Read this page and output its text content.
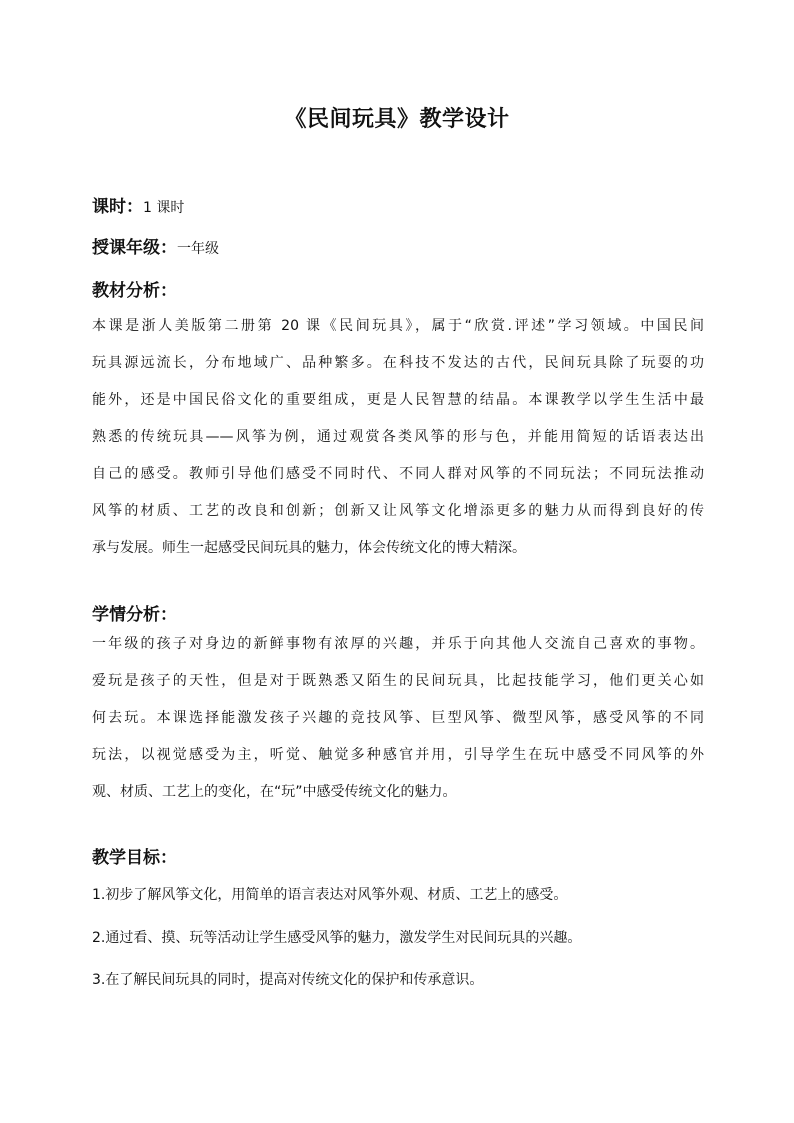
《民间玩具》教学设计
课时：1 课时
授课年级：一年级
教材分析：
本课是浙人美版第二册第 20 课《民间玩具》，属于“欣赏.评述”学习领域。中国民间
玩具源远流长，分布地域广、品种繁多。在科技不发达的古代，民间玩具除了玩耍的功
能外，还是中国民俗文化的重要组成，更是人民智慧的结晶。本课教学以学生生活中最
熟悉的传统玩具——风筝为例，通过观赏各类风筝的形与色，并能用简短的话语表达出
自己的感受。教师引导他们感受不同时代、不同人群对风筝的不同玩法；不同玩法推动
风筝的材质、工艺的改良和创新；创新又让风筝文化增添更多的魅力从而得到良好的传
承与发展。师生一起感受民间玩具的魅力，体会传统文化的博大精深。
学情分析：
一年级的孩子对身边的新鲜事物有浓厚的兴趣，并乐于向其他人交流自己喜欢的事物。
爱玩是孩子的天性，但是对于既熟悉又陌生的民间玩具，比起技能学习，他们更关心如
何去玩。本课选择能激发孩子兴趣的竞技风筝、巨型风筝、微型风筝，感受风筝的不同
玩法，以视觉感受为主，听觉、触觉多种感官并用，引导学生在玩中感受不同风筝的外
观、材质、工艺上的变化，在“玩”中感受传统文化的魅力。
教学目标：
1.初步了解风筝文化，用简单的语言表达对风筝外观、材质、工艺上的感受。
2.通过看、摸、玩等活动让学生感受风筝的魅力，激发学生对民间玩具的兴趣。
3.在了解民间玩具的同时，提高对传统文化的保护和传承意识。
